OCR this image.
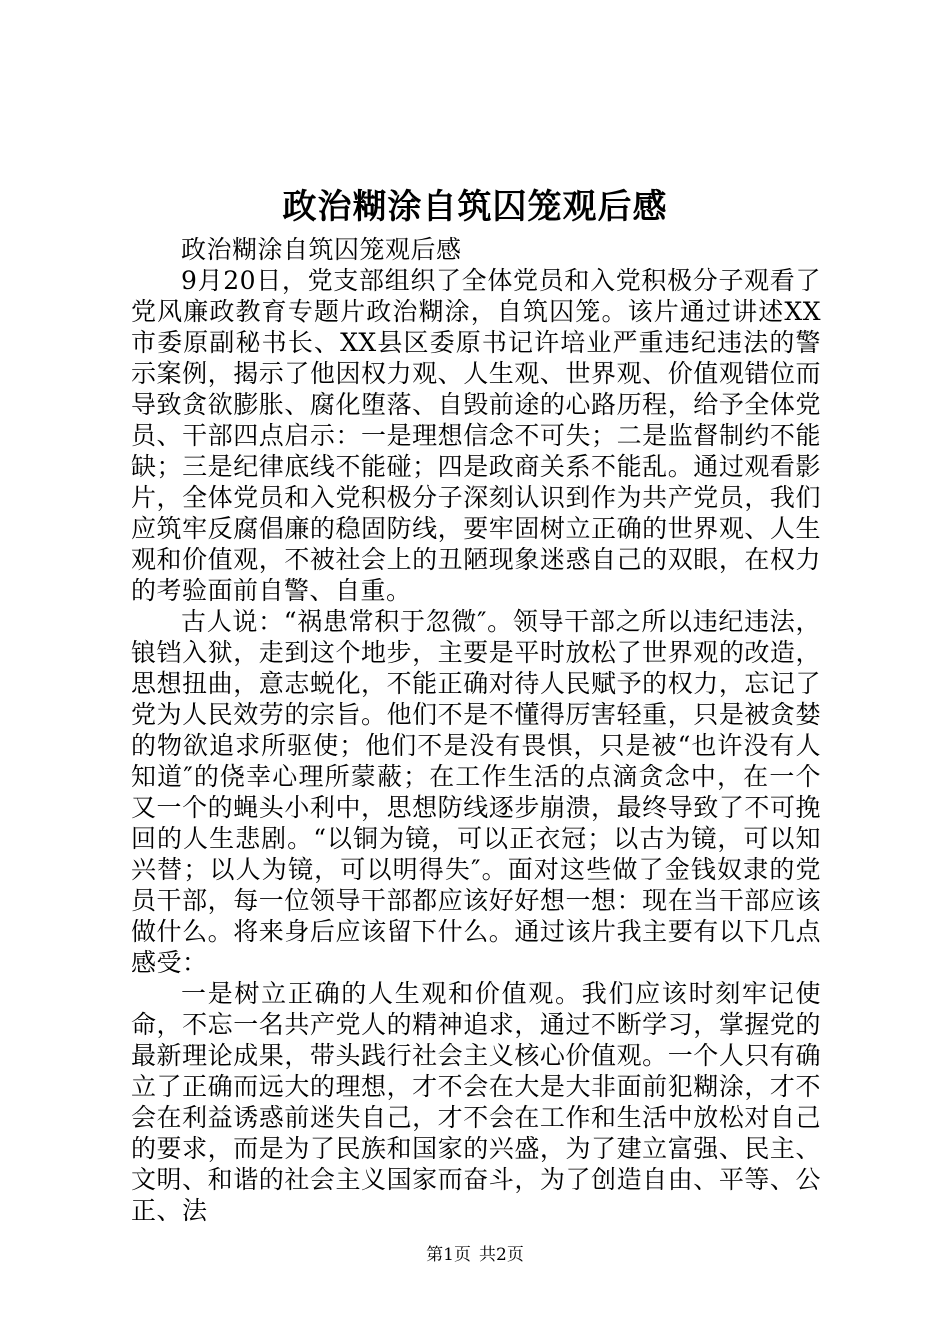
政治糊涂自筑囚笼观后感

政治糊涂自筑囚笼观后感

9月20日，党支部组织了全体党员和入党积极分子观看了党风廉政教育专题片政治糊涂，自筑囚笼。该片通过讲述XX市委原副秘书长、XX县区委原书记许培业严重违纪违法的警示案例，揭示了他因权力观、人生观、世界观、价值观错位而导致贪欲膨胀、腐化堕落、自毁前途的心路历程，给予全体党员、干部四点启示：一是理想信念不可失；二是监督制约不能缺；三是纪律底线不能碰；四是政商关系不能乱。通过观看影片，全体党员和入党积极分子深刻认识到作为共产党员，我们应筑牢反腐倡廉的稳固防线，要牢固树立正确的世界观、人生观和价值观，不被社会上的丑陋现象迷惑自己的双眼，在权力的考验面前自警、自重。

古人说：“祸患常积于忽微″。领导干部之所以违纪违法，锒铛入狱，走到这个地步，主要是平时放松了世界观的改造，思想扭曲，意志蜕化，不能正确对待人民赋予的权力，忘记了党为人民效劳的宗旨。他们不是不懂得厉害轻重，只是被贪婪的物欲追求所驱使；他们不是没有畏惧，只是被“也许没有人知道″的侥幸心理所蒙蔽；在工作生活的点滴贪念中，在一个又一个的蝇头小利中，思想防线逐步崩溃，最终导致了不可挽回的人生悲剧。“以铜为镜，可以正衣冠；以古为镜，可以知兴替；以人为镜，可以明得失″。面对这些做了金钱奴隶的党员干部，每一位领导干部都应该好好想一想：现在当干部应该做什么。将来身后应该留下什么。通过该片我主要有以下几点感受：

一是树立正确的人生观和价值观。我们应该时刻牢记使命，不忘一名共产党人的精神追求，通过不断学习，掌握党的最新理论成果，带头践行社会主义核心价值观。一个人只有确立了正确而远大的理想，才不会在大是大非面前犯糊涂，才不会在利益诱惑前迷失自己，才不会在工作和生活中放松对自己的要求，而是为了民族和国家的兴盛，为了建立富强、民主、文明、和谐的社会主义国家而奋斗，为了创造自由、平等、公正、法

第1页 共2页
